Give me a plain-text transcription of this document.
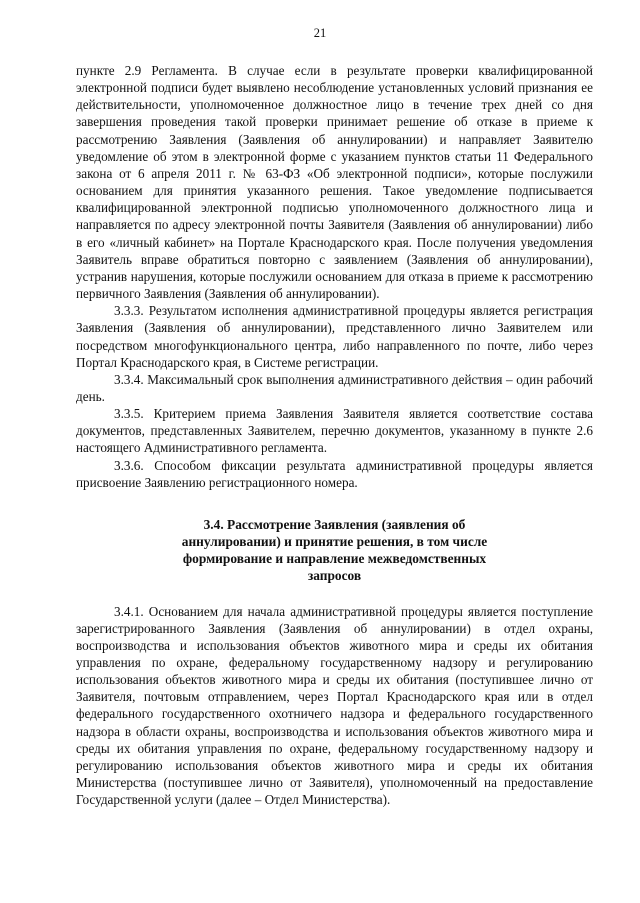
21

пункте 2.9 Регламента. В случае если в результате проверки квалифицированной электронной подписи будет выявлено несоблюдение установленных условий признания ее действительности, уполномоченное должностное лицо в течение трех дней со дня завершения проведения такой проверки принимает решение об отказе в приеме к рассмотрению Заявления (Заявления об аннулировании) и направляет Заявителю уведомление об этом в электронной форме с указанием пунктов статьи 11 Федерального закона от 6 апреля 2011 г. № 63-ФЗ «Об электронной подписи», которые послужили основанием для принятия указанного решения. Такое уведомление подписывается квалифицированной электронной подписью уполномоченного должностного лица и направляется по адресу электронной почты Заявителя (Заявления об аннулировании) либо в его «личный кабинет» на Портале Краснодарского края. После получения уведомления Заявитель вправе обратиться повторно с заявлением (Заявления об аннулировании), устранив нарушения, которые послужили основанием для отказа в приеме к рассмотрению первичного Заявления (Заявления об аннулировании).

3.3.3. Результатом исполнения административной процедуры является регистрация Заявления (Заявления об аннулировании), представленного лично Заявителем или посредством многофункционального центра, либо направленного по почте, либо через Портал Краснодарского края, в Системе регистрации.

3.3.4. Максимальный срок выполнения административного действия – один рабочий день.

3.3.5. Критерием приема Заявления Заявителя является соответствие состава документов, представленных Заявителем, перечню документов, указанному в пункте 2.6 настоящего Административного регламента.

3.3.6. Способом фиксации результата административной процедуры является присвоение Заявлению регистрационного номера.

3.4. Рассмотрение Заявления (заявления об аннулировании) и принятие решения, в том числе формирование и направление межведомственных запросов

3.4.1. Основанием для начала административной процедуры является поступление зарегистрированного Заявления (Заявления об аннулировании) в отдел охраны, воспроизводства и использования объектов животного мира и среды их обитания управления по охране, федеральному государственному надзору и регулированию использования объектов животного мира и среды их обитания (поступившее лично от Заявителя, почтовым отправлением, через Портал Краснодарского края или в отдел федерального государственного охотничего надзора и федерального государственного надзора в области охраны, воспроизводства и использования объектов животного мира и среды их обитания управления по охране, федеральному государственному надзору и регулированию использования объектов животного мира и среды их обитания Министерства (поступившее лично от Заявителя), уполномоченный на предоставление Государственной услуги (далее – Отдел Министерства).
